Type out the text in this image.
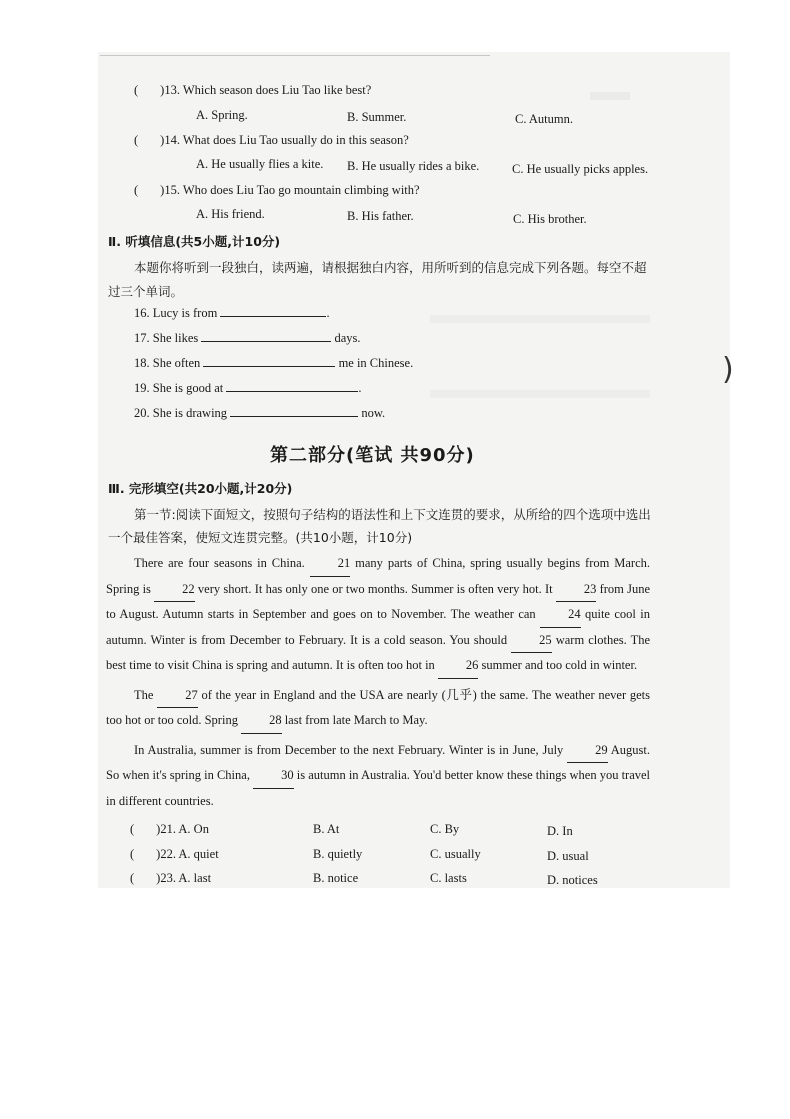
)
( )13. Which season does Liu Tao like best?
A. Spring.	B. Summer.	C. Autumn.
( )14. What does Liu Tao usually do in this season?
A. He usually flies a kite. B. He usually rides a bike.	C. He usually picks apples.
( )15. Who does Liu Tao go mountain climbing with?
A. His friend.	B. His father.	C. His brother.
Ⅱ. 听填信息(共5小题,计10分)
本题你将听到一段独白，读两遍，请根据独白内容，用所听到的信息完成下列各题。每空不超过三个单词。
16. Lucy is from	.
17. She likes	days.
18. She often	me in Chinese.
19. She is good at	.
20. She is drawing	now.
第二部分(笔试 共90分)
Ⅲ. 完形填空(共20小题,计20分)
第一节:阅读下面短文，按照句子结构的语法性和上下文连贯的要求，从所给的四个选项中选出一个最佳答案，使短文连贯完整。(共10小题，计10分)

There are four seasons in China.	21 many parts of China, spring usually begins from March. Spring is	22 very short. It has only one or two months. Summer is often very hot. It	23 from June to August. Autumn starts in September and goes on to November. The weather can	24 quite cool in autumn. Winter is from December to February. It is a cold season. You should	25 warm clothes. The best time to visit China is spring and autumn. It is often too hot in 26 summer and too cold in winter.

The	27 of the year in England and the USA are nearly (几乎) the same. The weather never gets too hot or too cold. Spring 28 last from late March to May.

In Australia, summer is from December to the next February. Winter is in June, July	29 August. So when it's spring in China, 30 is autumn in Australia. You'd better know these things when you travel in different countries.

( )21. A. On	B. At	C. By	D. In
( )22. A. quiet	B. quietly	C. usually	D. usual
( )23. A. last	B. notice	C. lasts	D. notices
